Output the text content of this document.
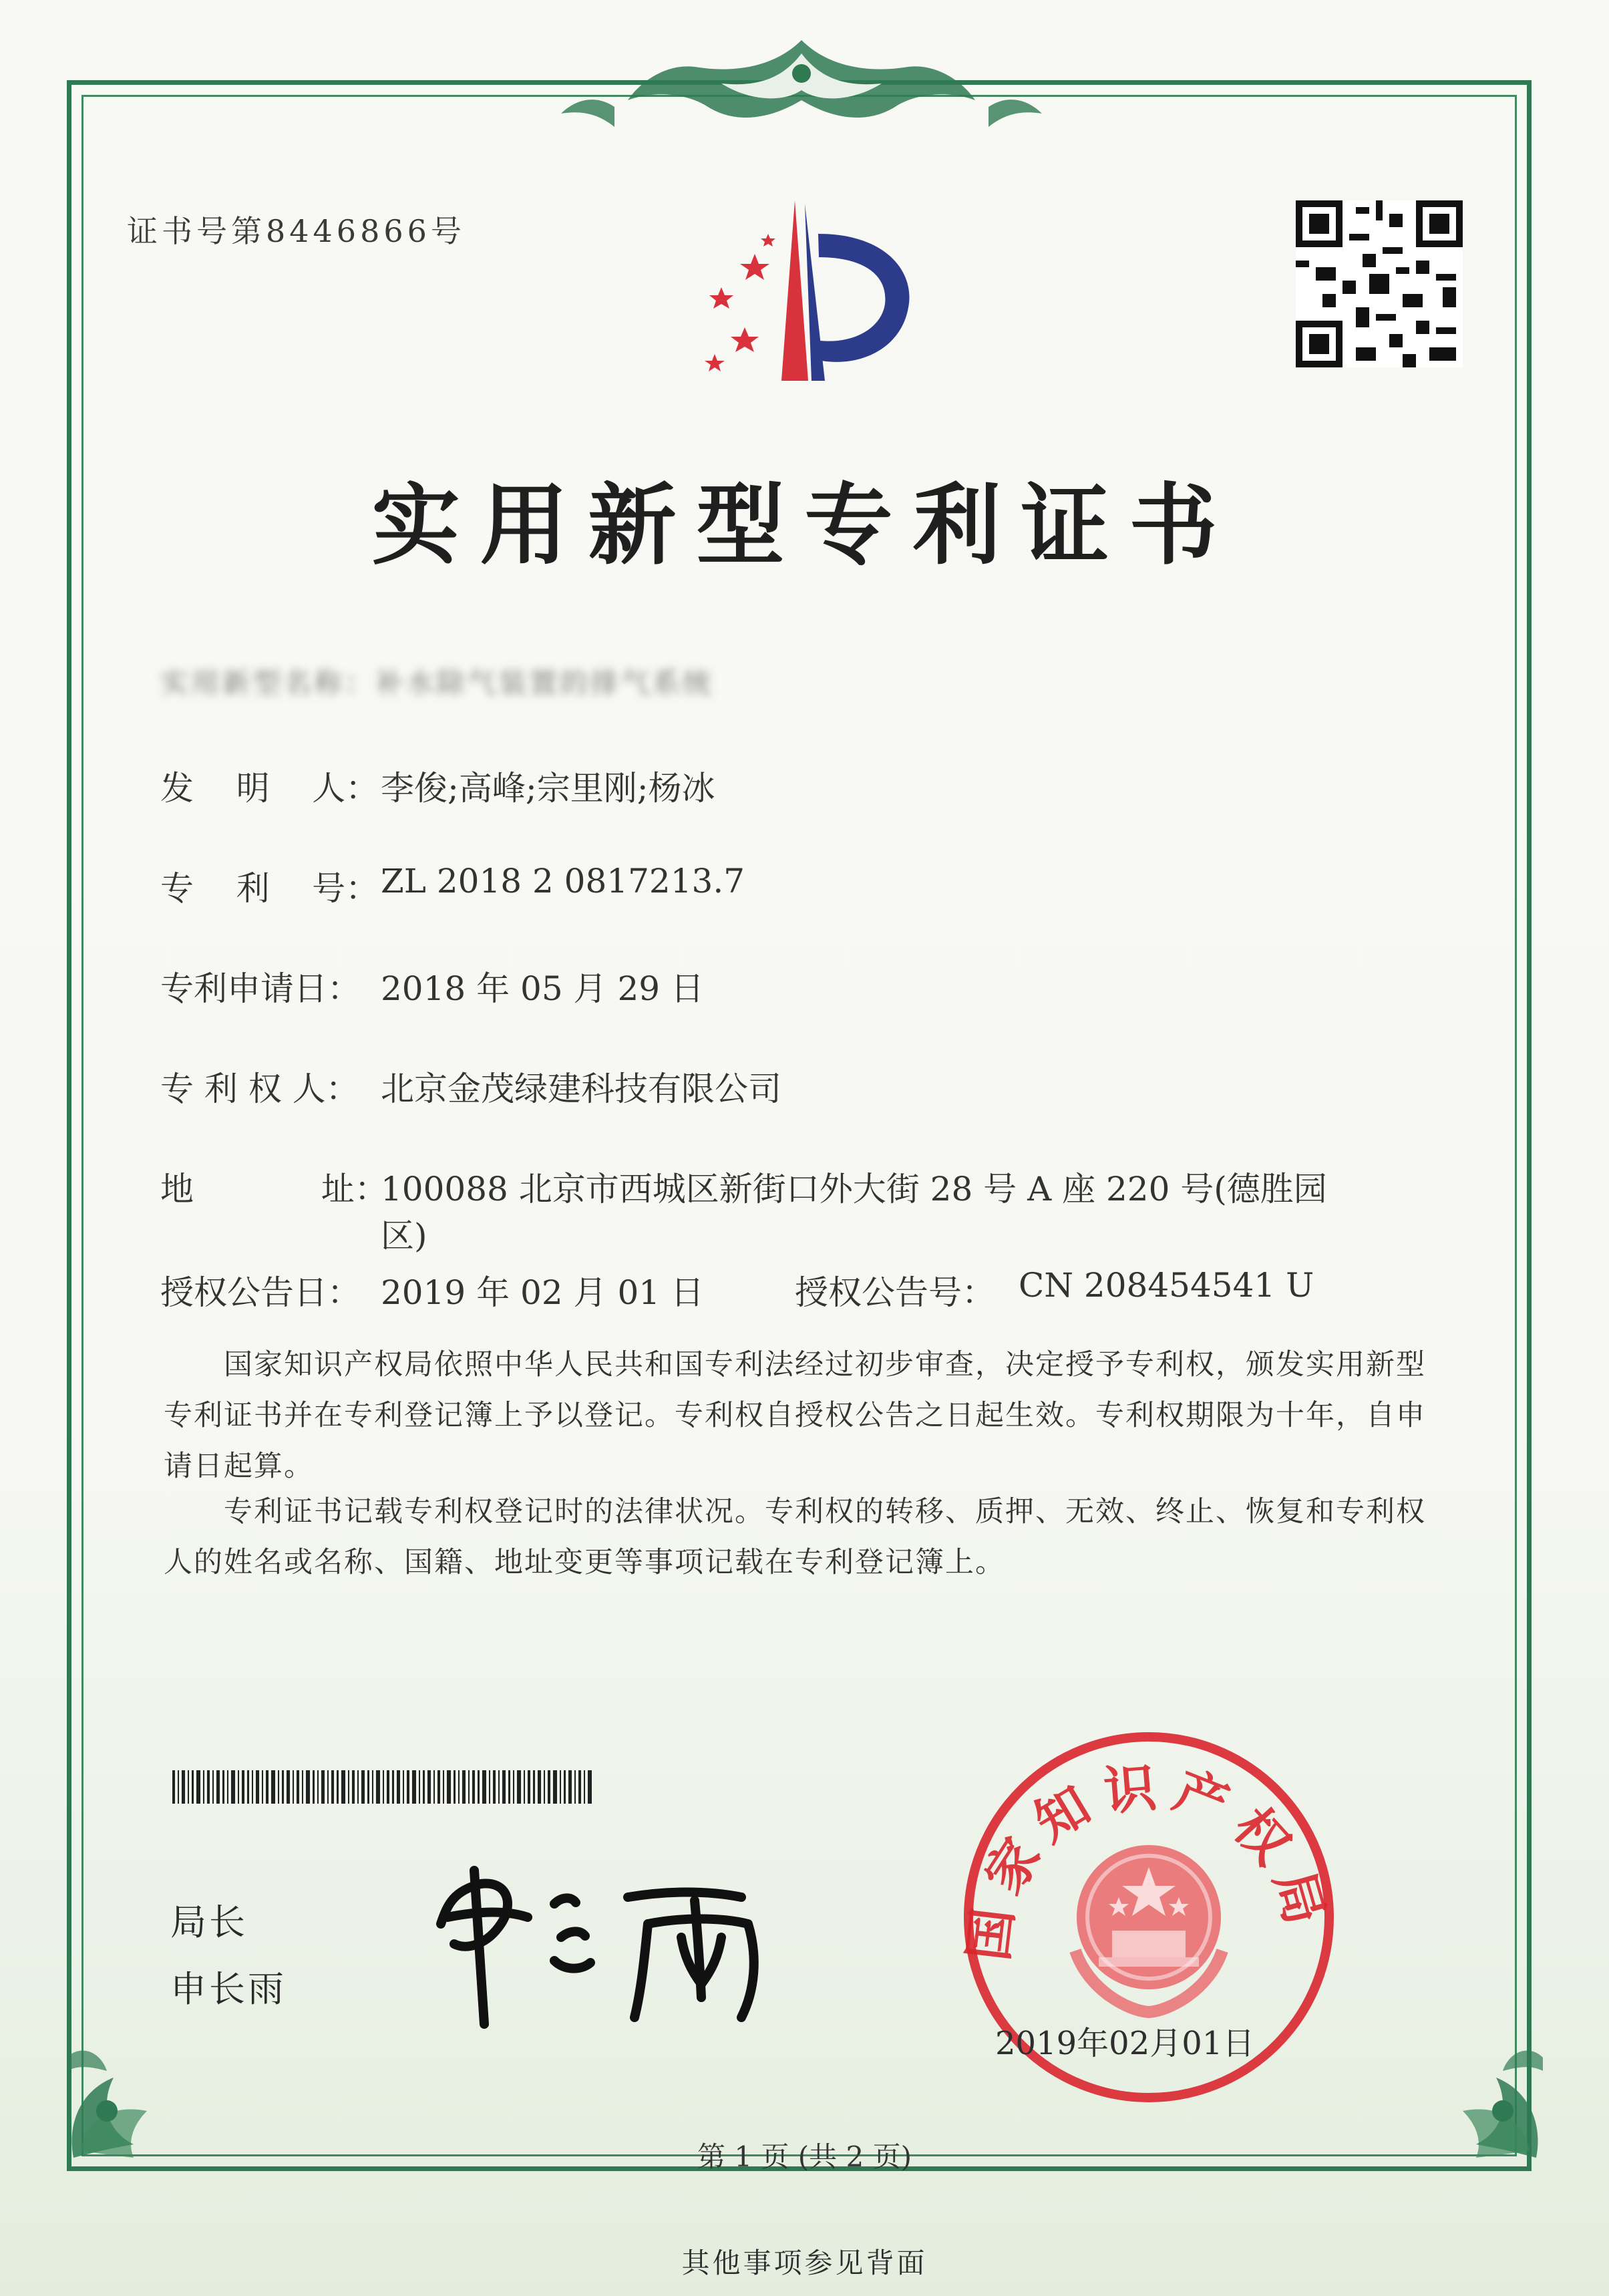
证书号第8446866号
实用新型专利证书
实用新型名称：补水除气装置的排气系统
发    明    人： 李俊;高峰;宗里刚;杨冰
专    利    号： ZL 2018 2 0817213.7
专利申请日： 2018 年 05 月 29 日
专 利 权 人： 北京金茂绿建科技有限公司
地            址：
100088 北京市西城区新街口外大街 28 号 A 座 220 号(德胜园
区)
授权公告日： 2019 年 02 月 01 日	授权公告号： CN 208454541 U
　　国家知识产权局依照中华人民共和国专利法经过初步审查，决定授予专利权，颁发实用新型专利证书并在专利登记簿上予以登记。专利权自授权公告之日起生效。专利权期限为十年，自申请日起算。
　　专利证书记载专利权登记时的法律状况。专利权的转移、质押、无效、终止、恢复和专利权人的姓名或名称、国籍、地址变更等事项记载在专利登记簿上。
局长
申长雨
国家知识产权局
2019年02月01日
第 1 页 (共 2 页)
其他事项参见背面
